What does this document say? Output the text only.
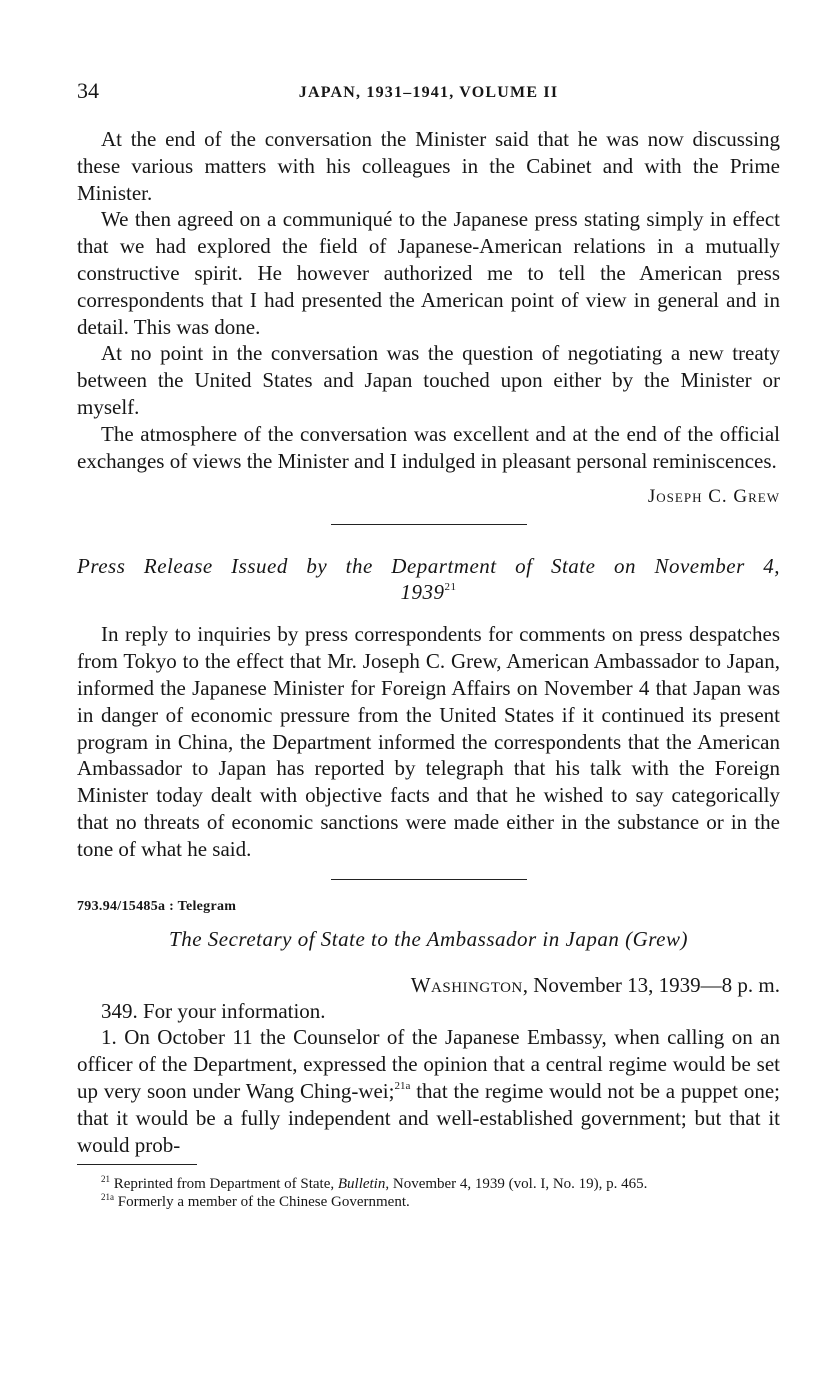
34	JAPAN, 1931–1941, VOLUME II

At the end of the conversation the Minister said that he was now discussing these various matters with his colleagues in the Cabinet and with the Prime Minister.

We then agreed on a communiqué to the Japanese press stating simply in effect that we had explored the field of Japanese-American relations in a mutually constructive spirit. He however authorized me to tell the American press correspondents that I had presented the American point of view in general and in detail. This was done.

At no point in the conversation was the question of negotiating a new treaty between the United States and Japan touched upon either by the Minister or myself.

The atmosphere of the conversation was excellent and at the end of the official exchanges of views the Minister and I indulged in pleasant personal reminiscences.

Joseph C. Grew
Press Release Issued by the Department of State on November 4,
1939$^{21}$

In reply to inquiries by press correspondents for comments on press despatches from Tokyo to the effect that Mr. Joseph C. Grew, American Ambassador to Japan, informed the Japanese Minister for Foreign Affairs on November 4 that Japan was in danger of economic pressure from the United States if it continued its present program in China, the Department informed the correspondents that the American Ambassador to Japan has reported by telegraph that his talk with the Foreign Minister today dealt with objective facts and that he wished to say categorically that no threats of economic sanctions were made either in the substance or in the tone of what he said.

793.94/15485a : Telegram
The Secretary of State to the Ambassador in Japan (Grew)
Washington, November 13, 1939—8 p. m.

349. For your information.

1. On October 11 the Counselor of the Japanese Embassy, when calling on an officer of the Department, expressed the opinion that a central regime would be set up very soon under Wang Ching-wei;$^{21a}$ that the regime would not be a puppet one; that it would be a fully independent and well-established government; but that it would prob-

$^{21}$ Reprinted from Department of State, Bulletin, November 4, 1939 (vol. I, No. 19), p. 465.

$^{21a}$ Formerly a member of the Chinese Government.
